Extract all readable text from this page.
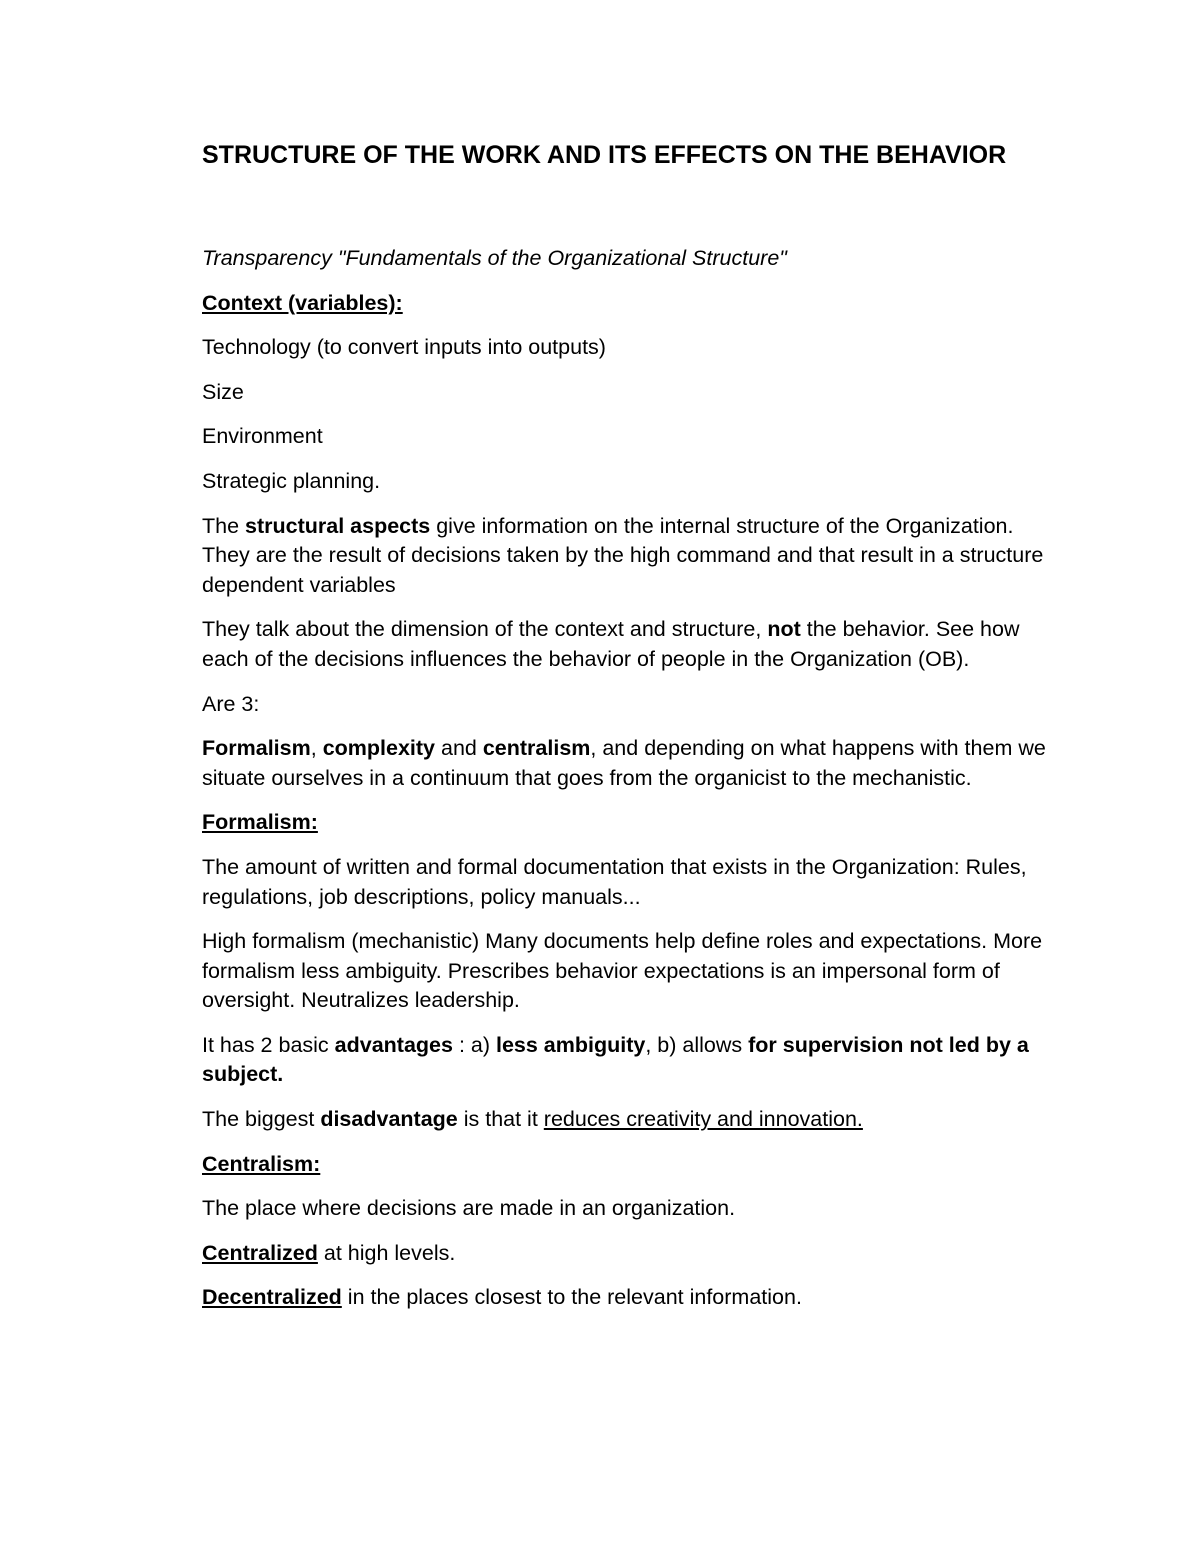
STRUCTURE OF THE WORK AND ITS EFFECTS ON THE BEHAVIOR

Transparency "Fundamentals of the Organizational Structure"

Context (variables):

Technology (to convert inputs into outputs)

Size

Environment

Strategic planning.

The structural aspects give information on the internal structure of the Organization. They are the result of decisions taken by the high command and that result in a structure dependent variables

They talk about the dimension of the context and structure, not the behavior. See how each of the decisions influences the behavior of people in the Organization (OB).

Are 3:

Formalism, complexity and centralism, and depending on what happens with them we situate ourselves in a continuum that goes from the organicist to the mechanistic.

Formalism:

The amount of written and formal documentation that exists in the Organization: Rules, regulations, job descriptions, policy manuals...

High formalism (mechanistic) Many documents help define roles and expectations. More formalism less ambiguity. Prescribes behavior expectations is an impersonal form of oversight. Neutralizes leadership.

It has 2 basic advantages : a) less ambiguity, b) allows for supervision not led by a subject.

The biggest disadvantage is that it reduces creativity and innovation.

Centralism:

The place where decisions are made in an organization.

Centralized at high levels.

Decentralized in the places closest to the relevant information.
